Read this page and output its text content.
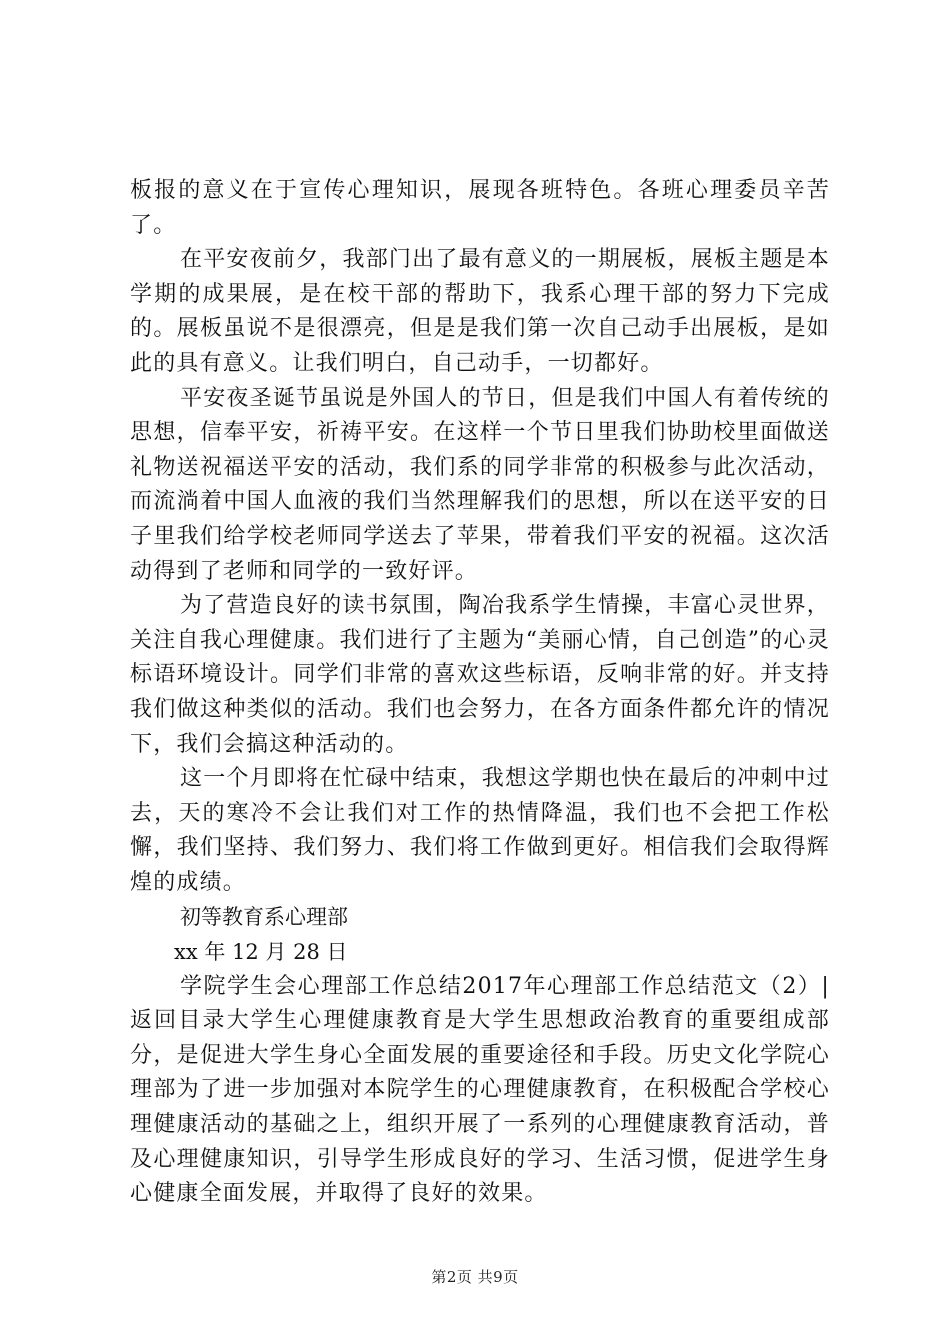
板报的意义在于宣传心理知识，展现各班特色。各班心理委员辛苦了。

在平安夜前夕，我部门出了最有意义的一期展板，展板主题是本学期的成果展，是在校干部的帮助下，我系心理干部的努力下完成的。展板虽说不是很漂亮，但是是我们第一次自己动手出展板，是如此的具有意义。让我们明白，自己动手，一切都好。

平安夜圣诞节虽说是外国人的节日，但是我们中国人有着传统的思想，信奉平安，祈祷平安。在这样一个节日里我们协助校里面做送礼物送祝福送平安的活动，我们系的同学非常的积极参与此次活动，而流淌着中国人血液的我们当然理解我们的思想，所以在送平安的日子里我们给学校老师同学送去了苹果，带着我们平安的祝福。这次活动得到了老师和同学的一致好评。

为了营造良好的读书氛围，陶冶我系学生情操，丰富心灵世界，关注自我心理健康。我们进行了主题为“美丽心情，自己创造”的心灵标语环境设计。同学们非常的喜欢这些标语，反响非常的好。并支持我们做这种类似的活动。我们也会努力，在各方面条件都允许的情况下，我们会搞这种活动的。

这一个月即将在忙碌中结束，我想这学期也快在最后的冲刺中过去，天的寒冷不会让我们对工作的热情降温，我们也不会把工作松懈，我们坚持、我们努力、我们将工作做到更好。相信我们会取得辉煌的成绩。

初等教育系心理部

xx 年 12 月 28 日

学院学生会心理部工作总结2017年心理部工作总结范文（2）|返回目录大学生心理健康教育是大学生思想政治教育的重要组成部分，是促进大学生身心全面发展的重要途径和手段。历史文化学院心理部为了进一步加强对本院学生的心理健康教育，在积极配合学校心理健康活动的基础之上，组织开展了一系列的心理健康教育活动，普及心理健康知识，引导学生形成良好的学习、生活习惯，促进学生身心健康全面发展，并取得了良好的效果。

第2页 共9页
